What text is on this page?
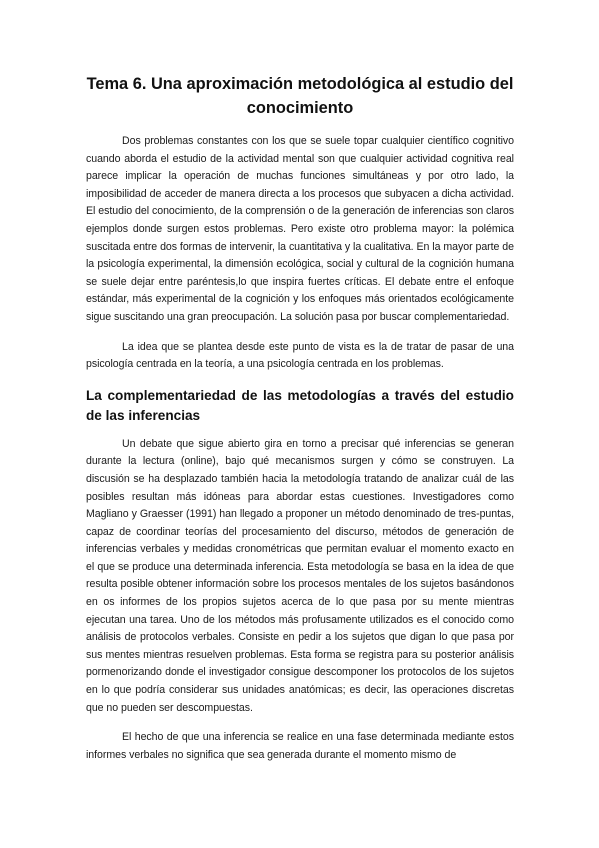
Tema 6. Una aproximación metodológica al estudio del conocimiento

Dos problemas constantes con los que se suele topar cualquier científico cognitivo cuando aborda el estudio de la actividad mental son que cualquier actividad cognitiva real parece implicar la operación de muchas funciones simultáneas y por otro lado, la imposibilidad de acceder de manera directa a los procesos que subyacen a dicha actividad. El estudio del conocimiento, de la comprensión o de la generación de inferencias son claros ejemplos donde surgen estos problemas. Pero existe otro problema mayor: la polémica suscitada entre dos formas de intervenir, la cuantitativa y la cualitativa. En la mayor parte de la psicología experimental, la dimensión ecológica, social y cultural de la cognición humana se suele dejar entre paréntesis,lo que inspira fuertes críticas. El debate entre el enfoque estándar, más experimental de la cognición y los enfoques más orientados ecológicamente sigue suscitando una gran preocupación. La solución pasa por buscar complementariedad.

La idea que se plantea desde este punto de vista es la de tratar de pasar de una psicología centrada en la teoría, a una psicología centrada en los problemas.

La complementariedad de las metodologías a través del estudio de las inferencias

Un debate que sigue abierto gira en torno a precisar qué inferencias se generan durante la lectura (online), bajo qué mecanismos surgen y cómo se construyen. La discusión se ha desplazado también hacia la metodología tratando de analizar cuál de las posibles resultan más idóneas para abordar estas cuestiones. Investigadores como Magliano y Graesser (1991) han llegado a proponer un método denominado de tres-puntas, capaz de coordinar teorías del procesamiento del discurso, métodos de generación de inferencias verbales y medidas cronométricas que permitan evaluar el momento exacto en el que se produce una determinada inferencia. Esta metodología se basa en la idea de que resulta posible obtener información sobre los procesos mentales de los sujetos basándonos en os informes de los propios sujetos acerca de lo que pasa por su mente mientras ejecutan una tarea. Uno de los métodos más profusamente utilizados es el conocido como análisis de protocolos verbales. Consiste en pedir a los sujetos que digan lo que pasa por sus mentes mientras resuelven problemas. Esta forma se registra para su posterior análisis pormenorizando donde el investigador consigue descomponer los protocolos de los sujetos en lo que podría considerar sus unidades anatómicas; es decir, las operaciones discretas que no pueden ser descompuestas.

El hecho de que una inferencia se realice en una fase determinada mediante estos informes verbales no significa que sea generada durante el momento mismo de
